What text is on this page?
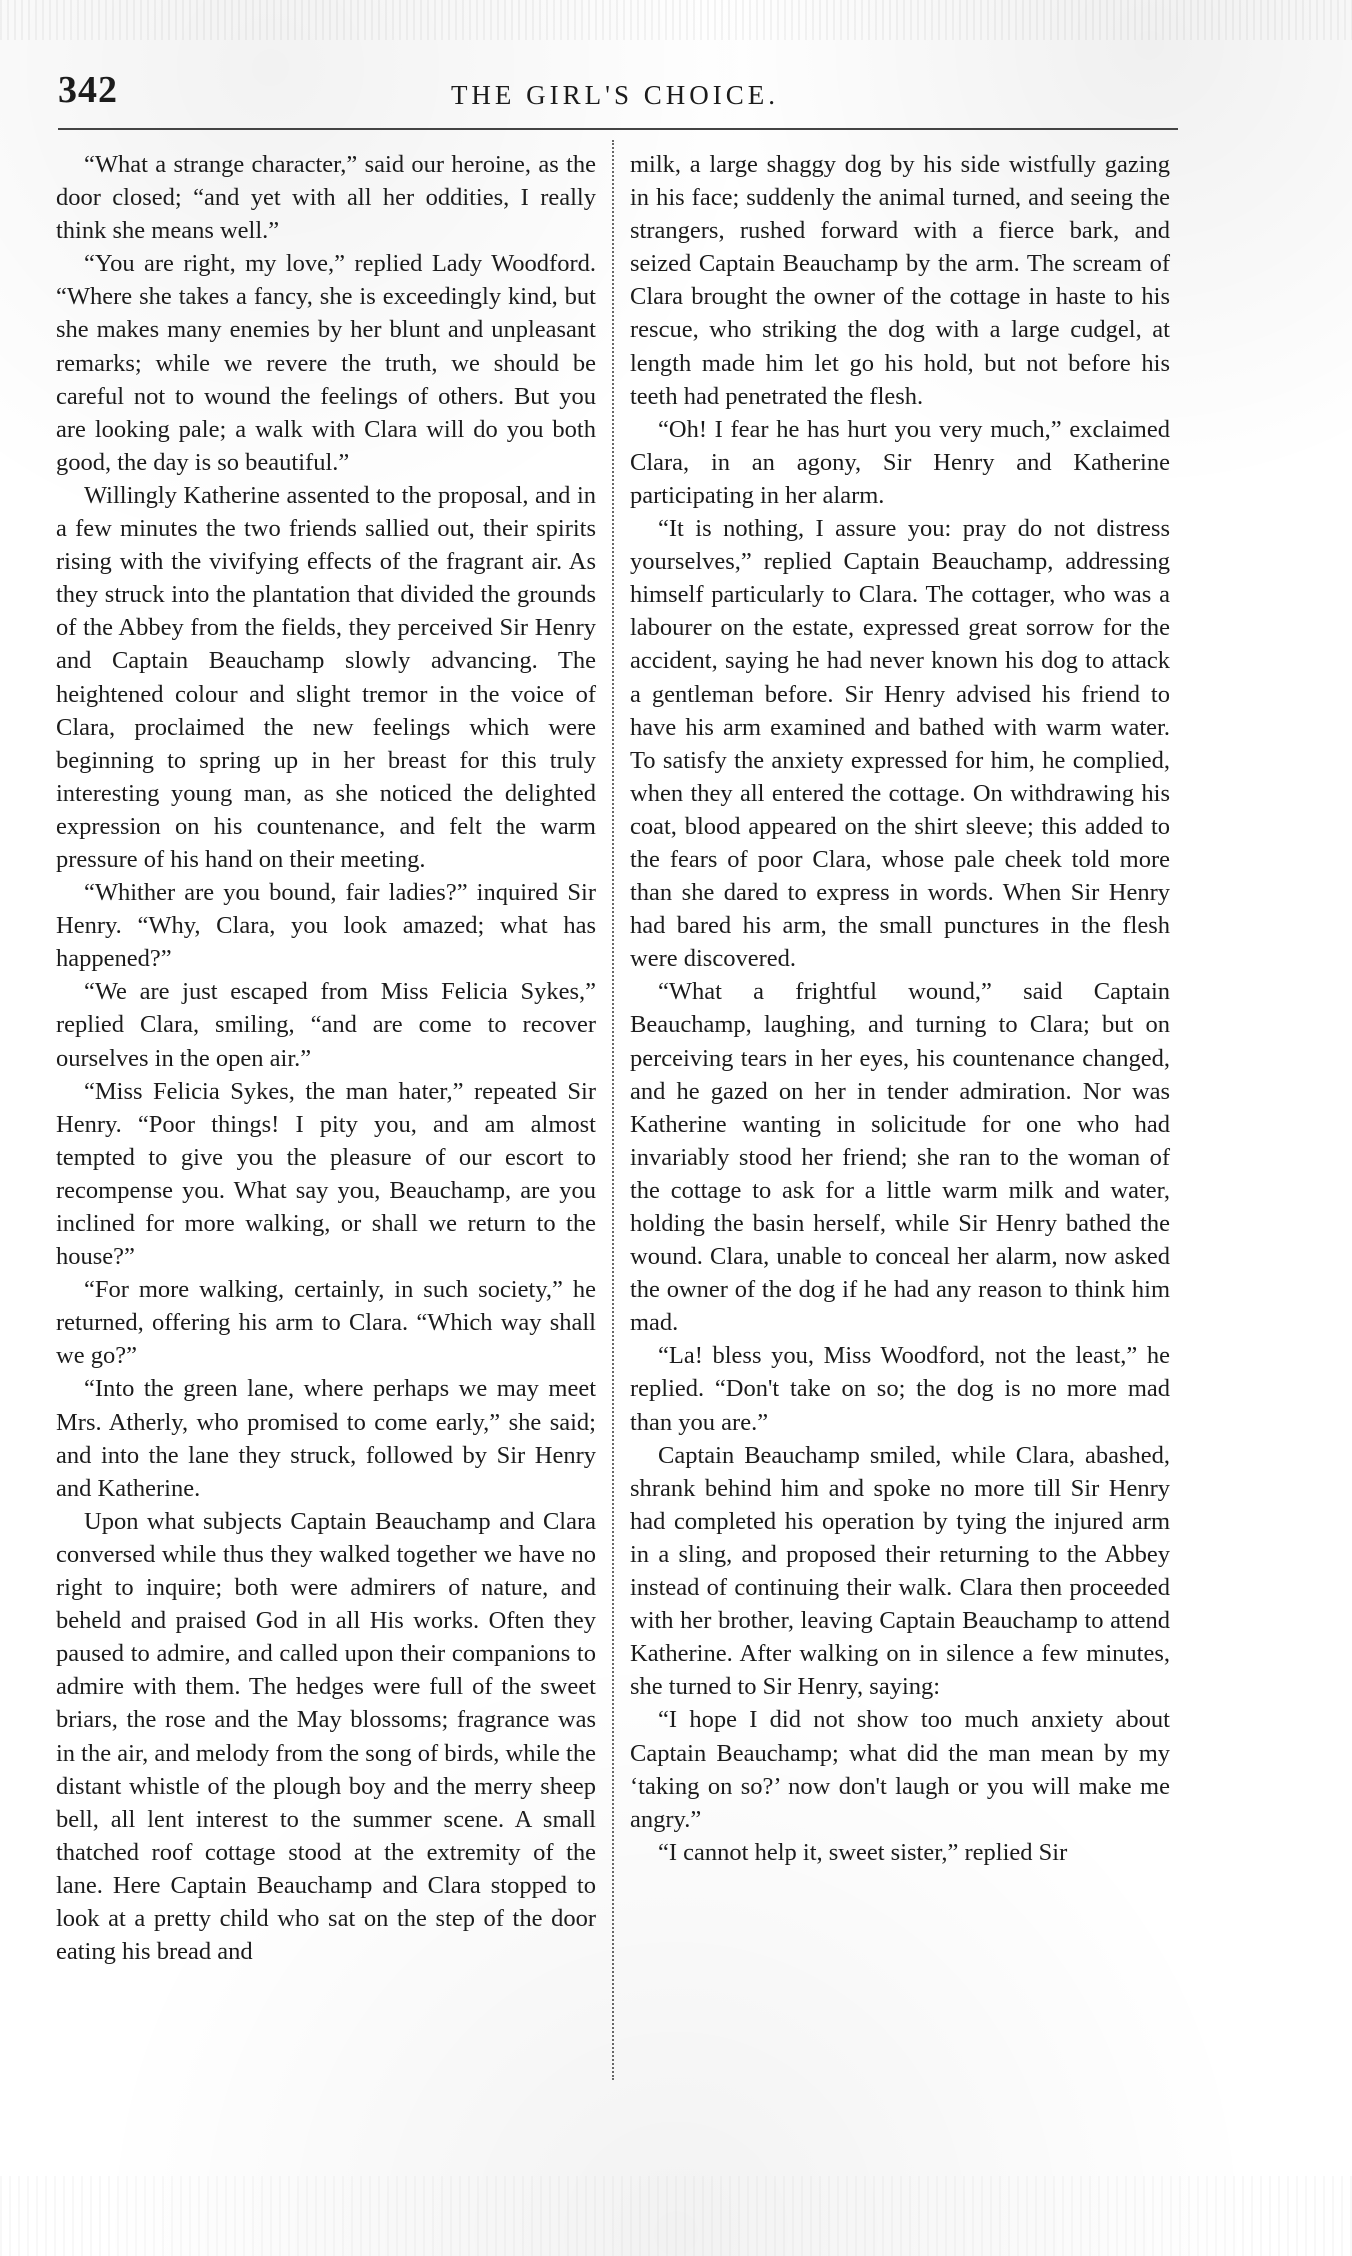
342	THE GIRL'S CHOICE.

“What a strange character,” said our heroine, as the door closed; “and yet with all her oddities, I really think she means well.”

“You are right, my love,” replied Lady Woodford. “Where she takes a fancy, she is exceedingly kind, but she makes many enemies by her blunt and unpleasant remarks; while we revere the truth, we should be careful not to wound the feelings of others. But you are looking pale; a walk with Clara will do you both good, the day is so beautiful.”

Willingly Katherine assented to the proposal, and in a few minutes the two friends sallied out, their spirits rising with the vivifying effects of the fragrant air. As they struck into the plantation that divided the grounds of the Abbey from the fields, they perceived Sir Henry and Captain Beauchamp slowly advancing. The heightened colour and slight tremor in the voice of Clara, proclaimed the new feelings which were beginning to spring up in her breast for this truly interesting young man, as she noticed the delighted expression on his countenance, and felt the warm pressure of his hand on their meeting.

“Whither are you bound, fair ladies?” inquired Sir Henry. “Why, Clara, you look amazed; what has happened?”

“We are just escaped from Miss Felicia Sykes,” replied Clara, smiling, “and are come to recover ourselves in the open air.”

“Miss Felicia Sykes, the man hater,” repeated Sir Henry. “Poor things! I pity you, and am almost tempted to give you the pleasure of our escort to recompense you. What say you, Beauchamp, are you inclined for more walking, or shall we return to the house?”

“For more walking, certainly, in such society,” he returned, offering his arm to Clara. “Which way shall we go?”

“Into the green lane, where perhaps we may meet Mrs. Atherly, who promised to come early,” she said; and into the lane they struck, followed by Sir Henry and Katherine.

Upon what subjects Captain Beauchamp and Clara conversed while thus they walked together we have no right to inquire; both were admirers of nature, and beheld and praised God in all His works. Often they paused to admire, and called upon their companions to admire with them. The hedges were full of the sweet briars, the rose and the May blossoms; fragrance was in the air, and melody from the song of birds, while the distant whistle of the plough boy and the merry sheep bell, all lent interest to the summer scene. A small thatched roof cottage stood at the extremity of the lane. Here Captain Beauchamp and Clara stopped to look at a pretty child who sat on the step of the door eating his bread and

milk, a large shaggy dog by his side wistfully gazing in his face; suddenly the animal turned, and seeing the strangers, rushed forward with a fierce bark, and seized Captain Beauchamp by the arm. The scream of Clara brought the owner of the cottage in haste to his rescue, who striking the dog with a large cudgel, at length made him let go his hold, but not before his teeth had penetrated the flesh.

“Oh! I fear he has hurt you very much,” exclaimed Clara, in an agony, Sir Henry and Katherine participating in her alarm.

“It is nothing, I assure you: pray do not distress yourselves,” replied Captain Beauchamp, addressing himself particularly to Clara. The cottager, who was a labourer on the estate, expressed great sorrow for the accident, saying he had never known his dog to attack a gentleman before. Sir Henry advised his friend to have his arm examined and bathed with warm water. To satisfy the anxiety expressed for him, he complied, when they all entered the cottage. On withdrawing his coat, blood appeared on the shirt sleeve; this added to the fears of poor Clara, whose pale cheek told more than she dared to express in words. When Sir Henry had bared his arm, the small punctures in the flesh were discovered.

“What a frightful wound,” said Captain Beauchamp, laughing, and turning to Clara; but on perceiving tears in her eyes, his countenance changed, and he gazed on her in tender admiration. Nor was Katherine wanting in solicitude for one who had invariably stood her friend; she ran to the woman of the cottage to ask for a little warm milk and water, holding the basin herself, while Sir Henry bathed the wound. Clara, unable to conceal her alarm, now asked the owner of the dog if he had any reason to think him mad.

“La! bless you, Miss Woodford, not the least,” he replied. “Don't take on so; the dog is no more mad than you are.”

Captain Beauchamp smiled, while Clara, abashed, shrank behind him and spoke no more till Sir Henry had completed his operation by tying the injured arm in a sling, and proposed their returning to the Abbey instead of continuing their walk. Clara then proceeded with her brother, leaving Captain Beauchamp to attend Katherine. After walking on in silence a few minutes, she turned to Sir Henry, saying:

“I hope I did not show too much anxiety about Captain Beauchamp; what did the man mean by my ‘taking on so?’ now don't laugh or you will make me angry.”

“I cannot help it, sweet sister,” replied Sir
